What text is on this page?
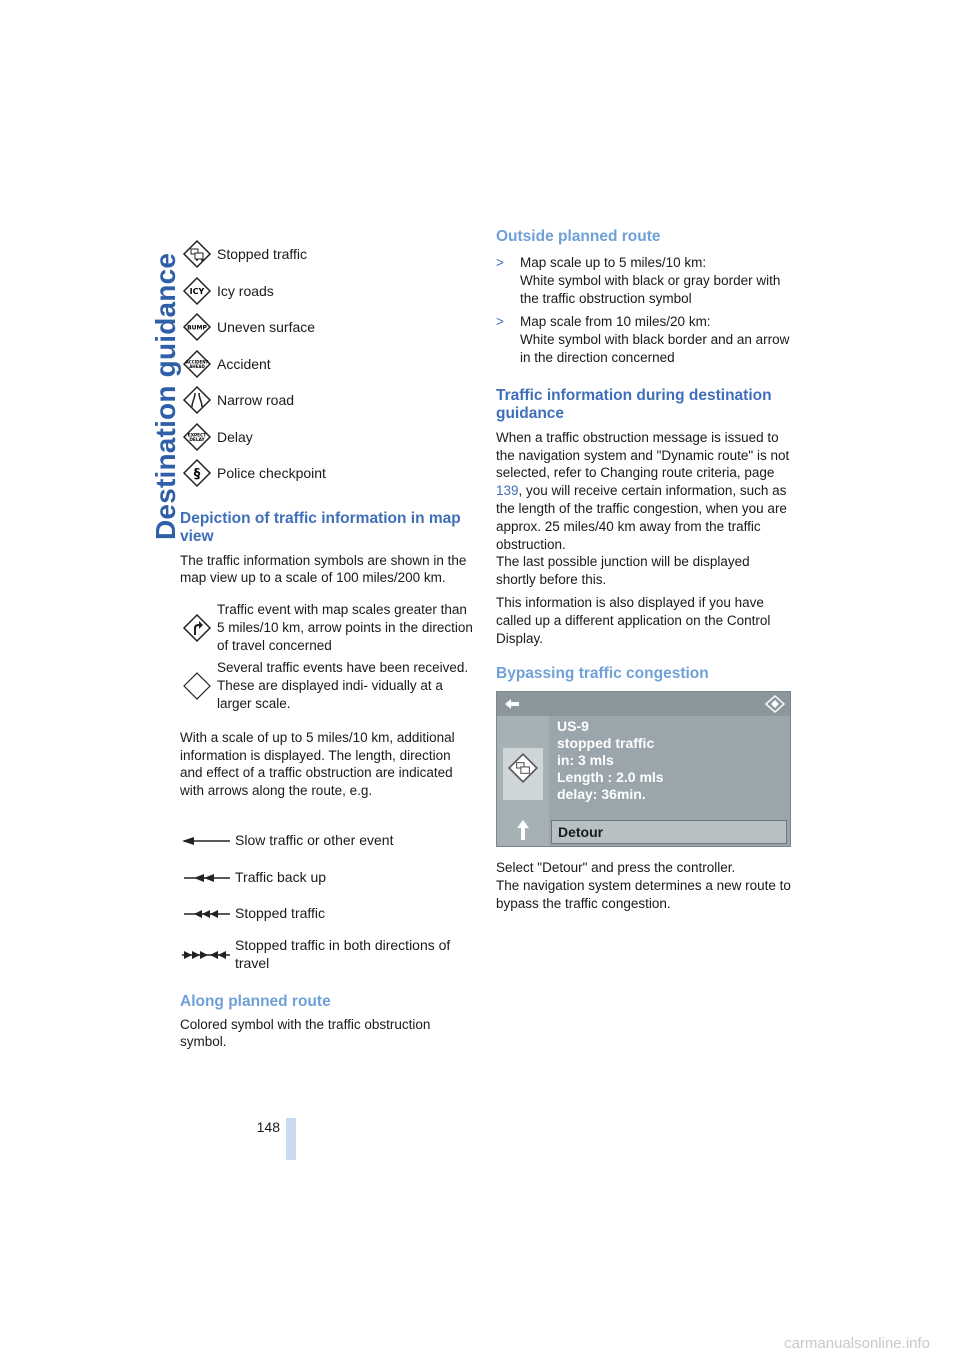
Destination guidance	Stopped traffic
ICY Icy roads
BUMP Uneven surface
ACCIDENT
AHEAD Accident
Narrow road
EXPECT
DELAY Delay
§ Police checkpoint
Depiction of traffic information in map view

The traffic information symbols are shown in the map view up to a scale of 100 miles/200 km.

Traffic event with map scales greater than 5 miles/10 km, arrow points in the direction of travel concerned

Several traffic events have been received. These are displayed indi- vidually at a larger scale.

With a scale of up to 5 miles/10 km, additional information is displayed. The length, direction and effect of a traffic obstruction are indicated with arrows along the route, e.g.

Slow traffic or other event
Traffic back up
Stopped traffic
Stopped traffic in both directions of travel
Along planned route

Colored symbol with the traffic obstruction symbol.

Outside planned route
>	Map scale up to 5 miles/10 km:

White symbol with black or gray border with the traffic obstruction symbol

>	Map scale from 10 miles/20 km:

White symbol with black border and an arrow in the direction concerned

Traffic information during destination guidance

When a traffic obstruction message is issued to the navigation system and "Dynamic route" is not selected, refer to Changing route criteria, page 139, you will receive certain information, such as the length of the traffic congestion, when you are approx. 25 miles/40 km away from the traffic obstruction.

The last possible junction will be displayed shortly before this.

This information is also displayed if you have called up a different application on the Control Display.

Bypassing traffic congestion
US-9
stopped traffic
in: 3 mls
Length : 2.0 mls
delay: 36min.
Detour

Select "Detour" and press the controller.

The navigation system determines a new route to bypass the traffic congestion.

148
carmanualsonline.info
